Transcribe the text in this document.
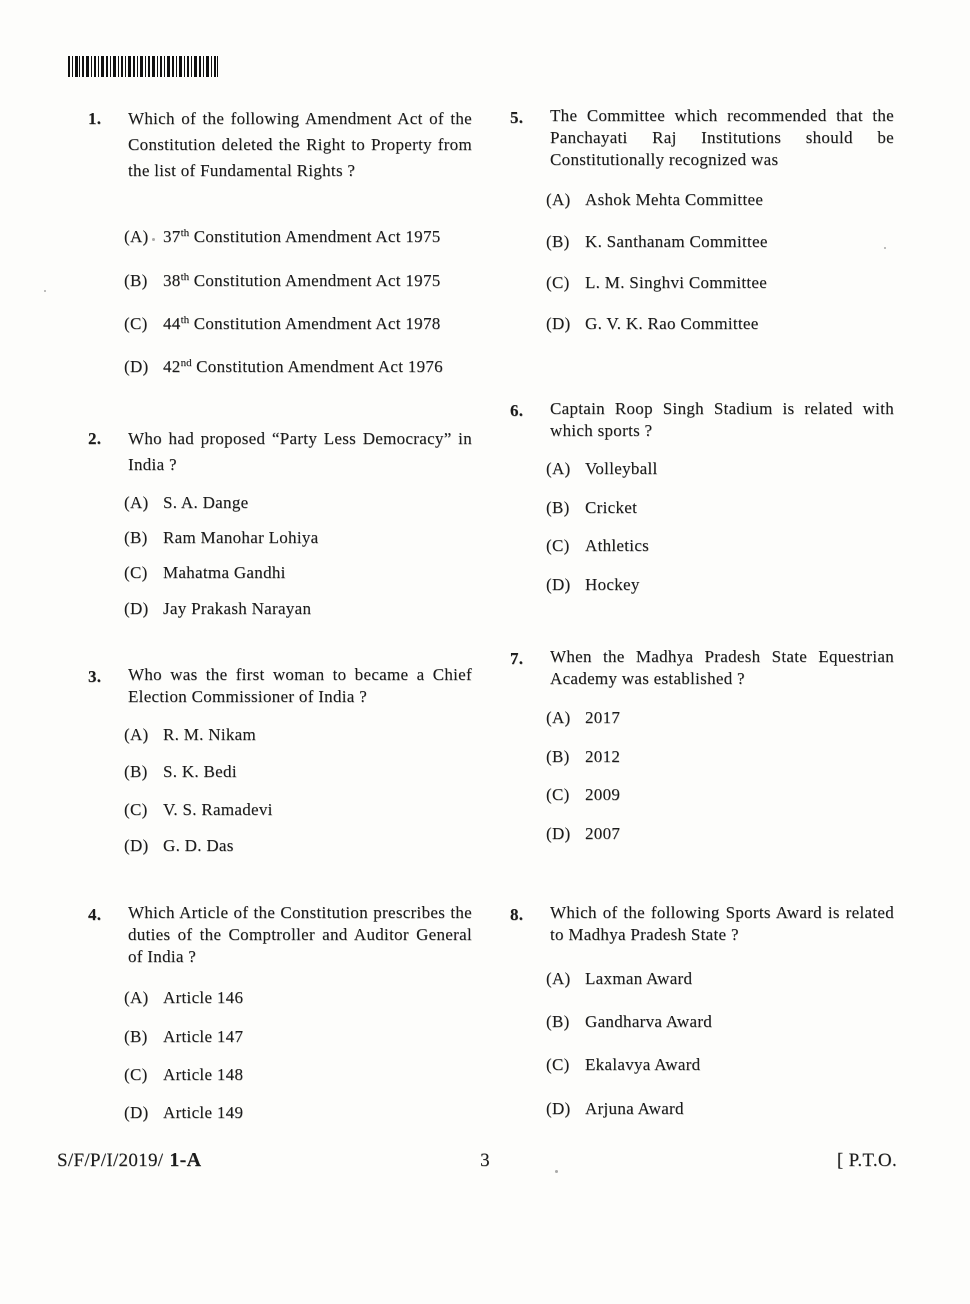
1.	Which of the following Amendment Act of the Constitution deleted the Right to Property from the list of Fundamental Rights ?

(A) 37th Constitution Amendment Act 1975
(B) 38th Constitution Amendment Act 1975
(C) 44th Constitution Amendment Act 1978
(D) 42nd Constitution Amendment Act 1976
2.	Who had proposed “Party Less Democracy” in India ?

(A) S. A. Dange
(B) Ram Manohar Lohiya
(C) Mahatma Gandhi
(D) Jay Prakash Narayan
3.	Who was the first woman to became a Chief Election Commissioner of India ?

(A) R. M. Nikam
(B) S. K. Bedi
(C) V. S. Ramadevi
(D) G. D. Das
4.	Which Article of the Constitution prescribes the duties of the Comptroller and Auditor General of India ?

(A) Article 146
(B) Article 147
(C) Article 148
(D) Article 149
5.	The Committee which recommended that the Panchayati Raj Institutions should be Constitutionally recognized was

(A) Ashok Mehta Committee
(B) K. Santhanam Committee
(C) L. M. Singhvi Committee
(D) G. V. K. Rao Committee
6.	Captain Roop Singh Stadium is related with which sports ?

(A) Volleyball
(B) Cricket
(C) Athletics
(D) Hockey
7.	When the Madhya Pradesh State Equestrian Academy was established ?

(A) 2017
(B) 2012
(C) 2009
(D) 2007
8.	Which of the following Sports Award is related to Madhya Pradesh State ?

(A) Laxman Award
(B) Gandharva Award
(C) Ekalavya Award
(D) Arjuna Award
3
S/F/P/I/2019/ 1-A	[ P.T.O.
